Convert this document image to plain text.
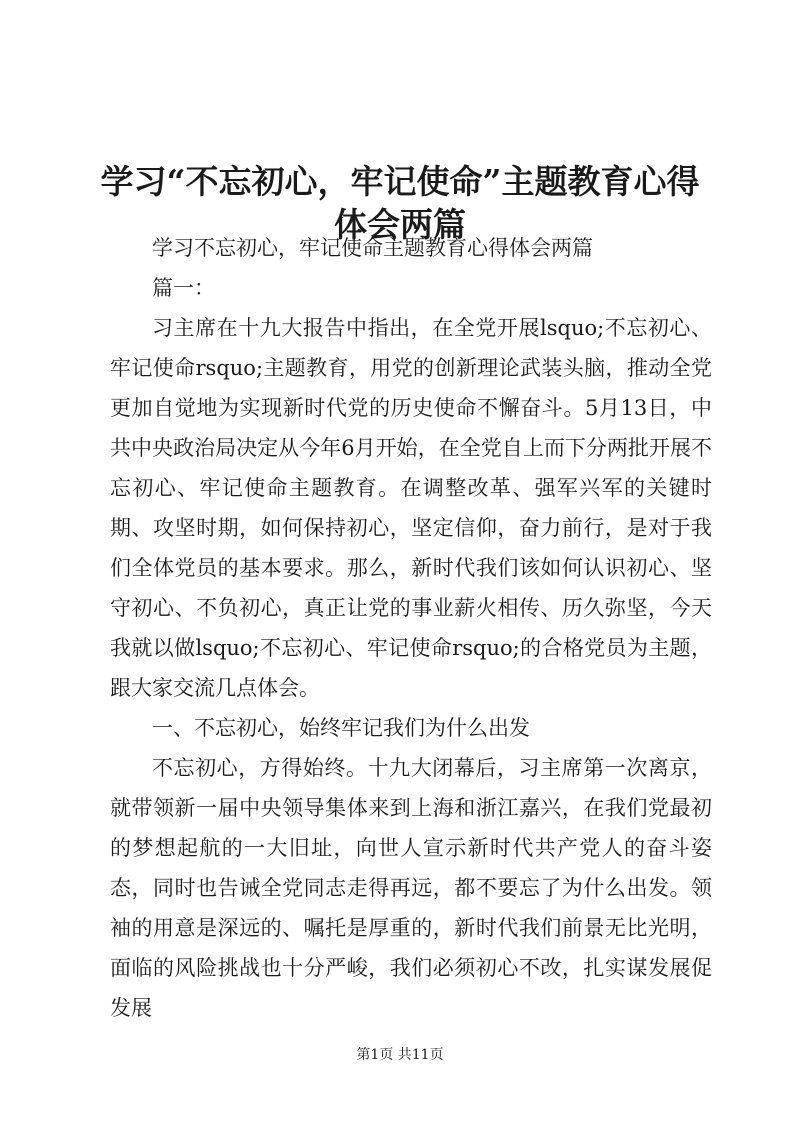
学习“不忘初心，牢记使命”主题教育心得体会两篇

学习不忘初心，牢记使命主题教育心得体会两篇

篇一：

习主席在十九大报告中指出，在全党开展lsquo;不忘初心、牢记使命rsquo;主题教育，用党的创新理论武装头脑，推动全党更加自觉地为实现新时代党的历史使命不懈奋斗。5月13日，中共中央政治局决定从今年6月开始，在全党自上而下分两批开展不忘初心、牢记使命主题教育。在调整改革、强军兴军的关键时期、攻坚时期，如何保持初心，坚定信仰，奋力前行，是对于我们全体党员的基本要求。那么，新时代我们该如何认识初心、坚守初心、不负初心，真正让党的事业薪火相传、历久弥坚，今天我就以做lsquo;不忘初心、牢记使命rsquo;的合格党员为主题，跟大家交流几点体会。

一、不忘初心，始终牢记我们为什么出发

不忘初心，方得始终。十九大闭幕后，习主席第一次离京，就带领新一届中央领导集体来到上海和浙江嘉兴，在我们党最初的梦想起航的一大旧址，向世人宣示新时代共产党人的奋斗姿态，同时也告诫全党同志走得再远，都不要忘了为什么出发。领袖的用意是深远的、嘱托是厚重的，新时代我们前景无比光明，面临的风险挑战也十分严峻，我们必须初心不改，扎实谋发展促发展

第1页 共11页
